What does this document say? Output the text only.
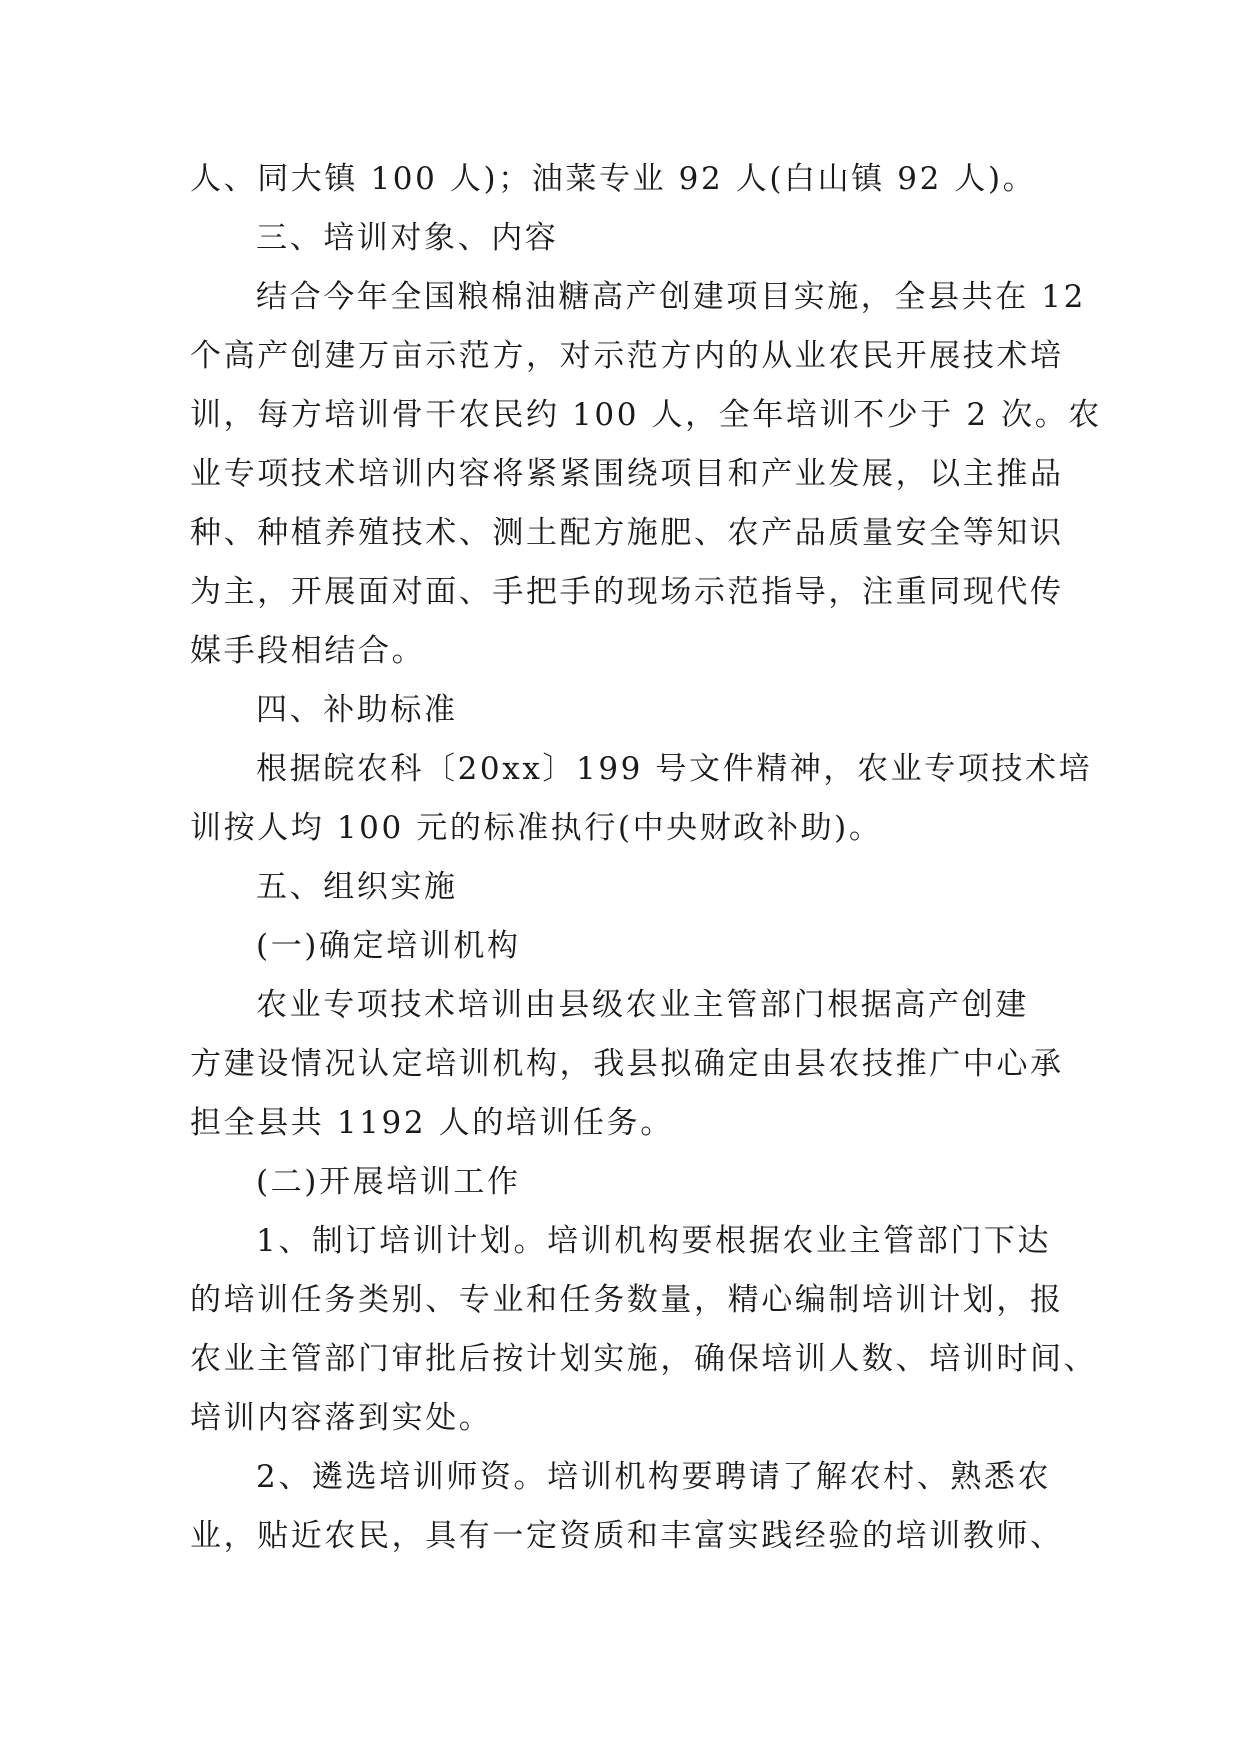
人、同大镇 100 人)；油菜专业 92 人(白山镇 92 人)。
三、培训对象、内容
结合今年全国粮棉油糖高产创建项目实施，全县共在 12
个高产创建万亩示范方，对示范方内的从业农民开展技术培
训，每方培训骨干农民约 100 人，全年培训不少于 2 次。农
业专项技术培训内容将紧紧围绕项目和产业发展，以主推品
种、种植养殖技术、测土配方施肥、农产品质量安全等知识
为主，开展面对面、手把手的现场示范指导，注重同现代传
媒手段相结合。
四、补助标准
根据皖农科〔20xx〕199 号文件精神，农业专项技术培
训按人均 100 元的标准执行(中央财政补助)。
五、组织实施
(一)确定培训机构
农业专项技术培训由县级农业主管部门根据高产创建
方建设情况认定培训机构，我县拟确定由县农技推广中心承
担全县共 1192 人的培训任务。
(二)开展培训工作
1、制订培训计划。培训机构要根据农业主管部门下达
的培训任务类别、专业和任务数量，精心编制培训计划，报
农业主管部门审批后按计划实施，确保培训人数、培训时间、
培训内容落到实处。
2、遴选培训师资。培训机构要聘请了解农村、熟悉农
业，贴近农民，具有一定资质和丰富实践经验的培训教师、
